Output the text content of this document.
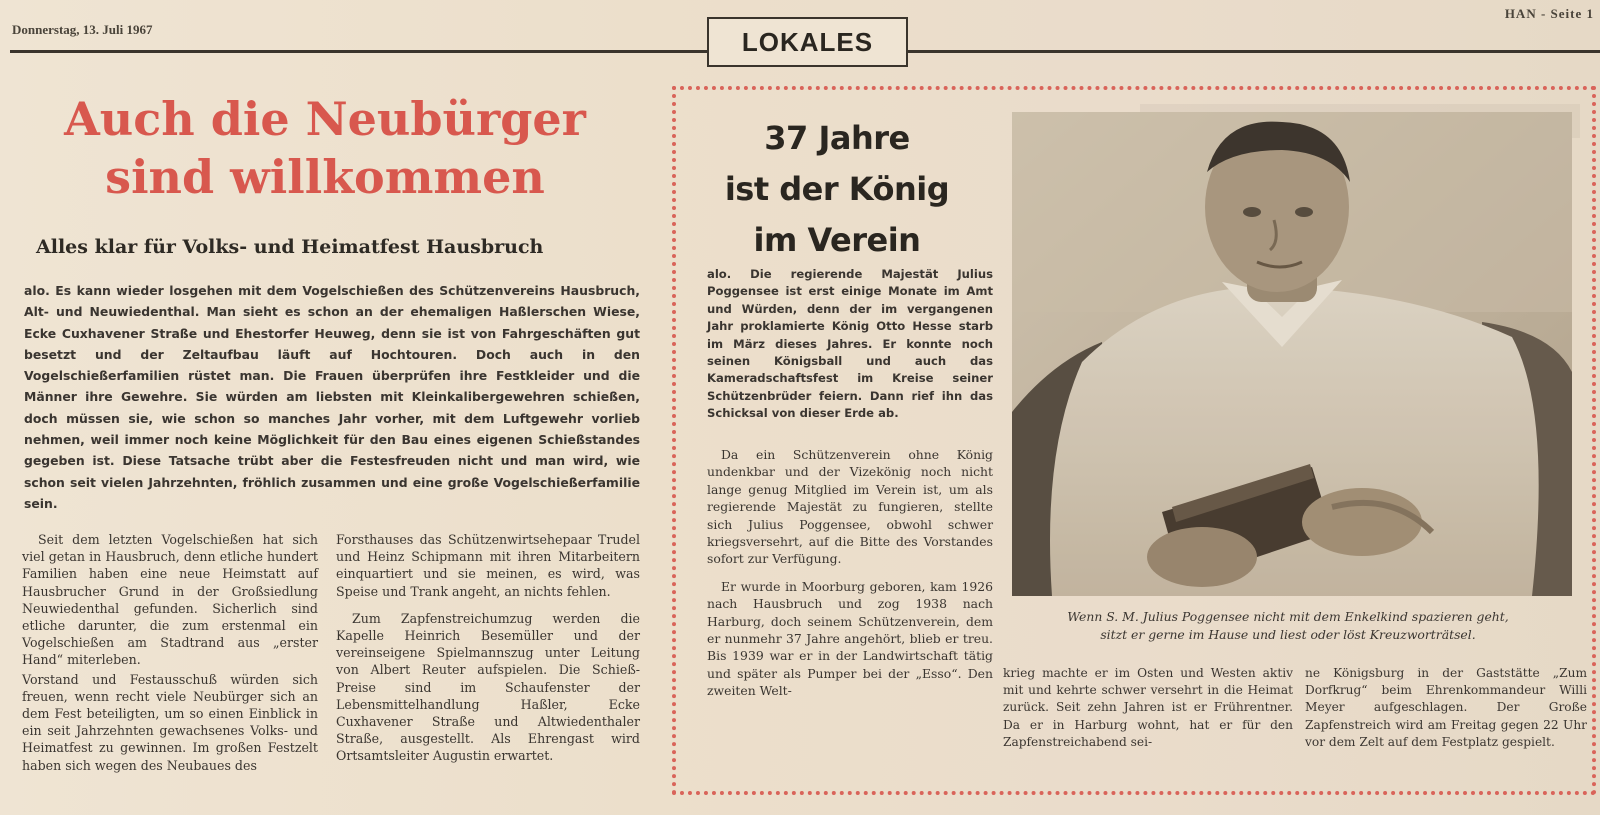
Donnerstag, 13. Juli 1967
HAN - Seite 1
LOKALES
Auch die Neubürger
sind willkommen
Alles klar für Volks- und Heimatfest Hausbruch
alo. Es kann wieder losgehen mit dem Vogelschießen des Schützenvereins Hausbruch, Alt- und Neuwiedenthal. Man sieht es schon an der ehemaligen Haßlerschen Wiese, Ecke Cuxhavener Straße und Ehestorfer Heuweg, denn sie ist von Fahrgeschäften gut besetzt und der Zeltaufbau läuft auf Hochtouren. Doch auch in den Vogelschießerfamilien rüstet man. Die Frauen überprüfen ihre Festkleider und die Männer ihre Gewehre. Sie würden am liebsten mit Kleinkalibergewehren schießen, doch müssen sie, wie schon so manches Jahr vorher, mit dem Luftgewehr vorlieb nehmen, weil immer noch keine Möglichkeit für den Bau eines eigenen Schießstandes gegeben ist. Diese Tatsache trübt aber die Festesfreuden nicht und man wird, wie schon seit vielen Jahrzehnten, fröhlich zusammen und eine große Vogelschießerfamilie sein.

Seit dem letzten Vogelschießen hat sich viel getan in Hausbruch, denn etliche hundert Familien haben eine neue Heimstatt auf Hausbrucher Grund in der Großsiedlung Neuwiedenthal gefunden. Sicherlich sind etliche darunter, die zum erstenmal ein Vogelschießen am Stadtrand aus „erster Hand“ miterleben.

Vorstand und Festausschuß würden sich freuen, wenn recht viele Neubürger sich an dem Fest beteiligten, um so einen Einblick in ein seit Jahrzehnten gewachsenes Volks- und Heimatfest zu gewinnen. Im großen Festzelt haben sich wegen des Neubaues des

Forsthauses das Schützenwirtsehepaar Trudel und Heinz Schipmann mit ihren Mitarbeitern einquartiert und sie meinen, es wird, was Speise und Trank angeht, an nichts fehlen.

Zum Zapfenstreichumzug werden die Kapelle Heinrich Besemüller und der vereinseigene Spielmannszug unter Leitung von Albert Reuter aufspielen. Die Schieß-Preise sind im Schaufenster der Lebensmittelhandlung Haßler, Ecke Cuxhavener Straße und Altwiedenthaler Straße, ausgestellt. Als Ehrengast wird Ortsamtsleiter Augustin erwartet.

37 Jahre
ist der König
im Verein
alo. Die regierende Majestät Julius Poggensee ist erst einige Monate im Amt und Würden, denn der im vergangenen Jahr proklamierte König Otto Hesse starb im März dieses Jahres. Er konnte noch seinen Königsball und auch das Kameradschaftsfest im Kreise seiner Schützenbrüder feiern. Dann rief ihn das Schicksal von dieser Erde ab.

Da ein Schützenverein ohne König undenkbar und der Vizekönig noch nicht lange genug Mitglied im Verein ist, um als regierende Majestät zu fungieren, stellte sich Julius Poggensee, obwohl schwer kriegsversehrt, auf die Bitte des Vorstandes sofort zur Verfügung.

Er wurde in Moorburg geboren, kam 1926 nach Hausbruch und zog 1938 nach Harburg, doch seinem Schützenverein, dem er nunmehr 37 Jahre angehört, blieb er treu. Bis 1939 war er in der Landwirtschaft tätig und später als Pumper bei der „Esso“. Den zweiten Welt-

Wenn S. M. Julius Poggensee nicht mit dem Enkelkind spazieren geht,
sitzt er gerne im Hause und liest oder löst Kreuzworträtsel.
krieg machte er im Osten und Westen aktiv mit und kehrte schwer versehrt in die Heimat zurück. Seit zehn Jahren ist er Frührentner. Da er in Harburg wohnt, hat er für den Zapfenstreichabend sei-
ne Königsburg in der Gaststätte „Zum Dorfkrug“ beim Ehrenkommandeur Willi Meyer aufgeschlagen. Der Große Zapfenstreich wird am Freitag gegen 22 Uhr vor dem Zelt auf dem Festplatz gespielt.
